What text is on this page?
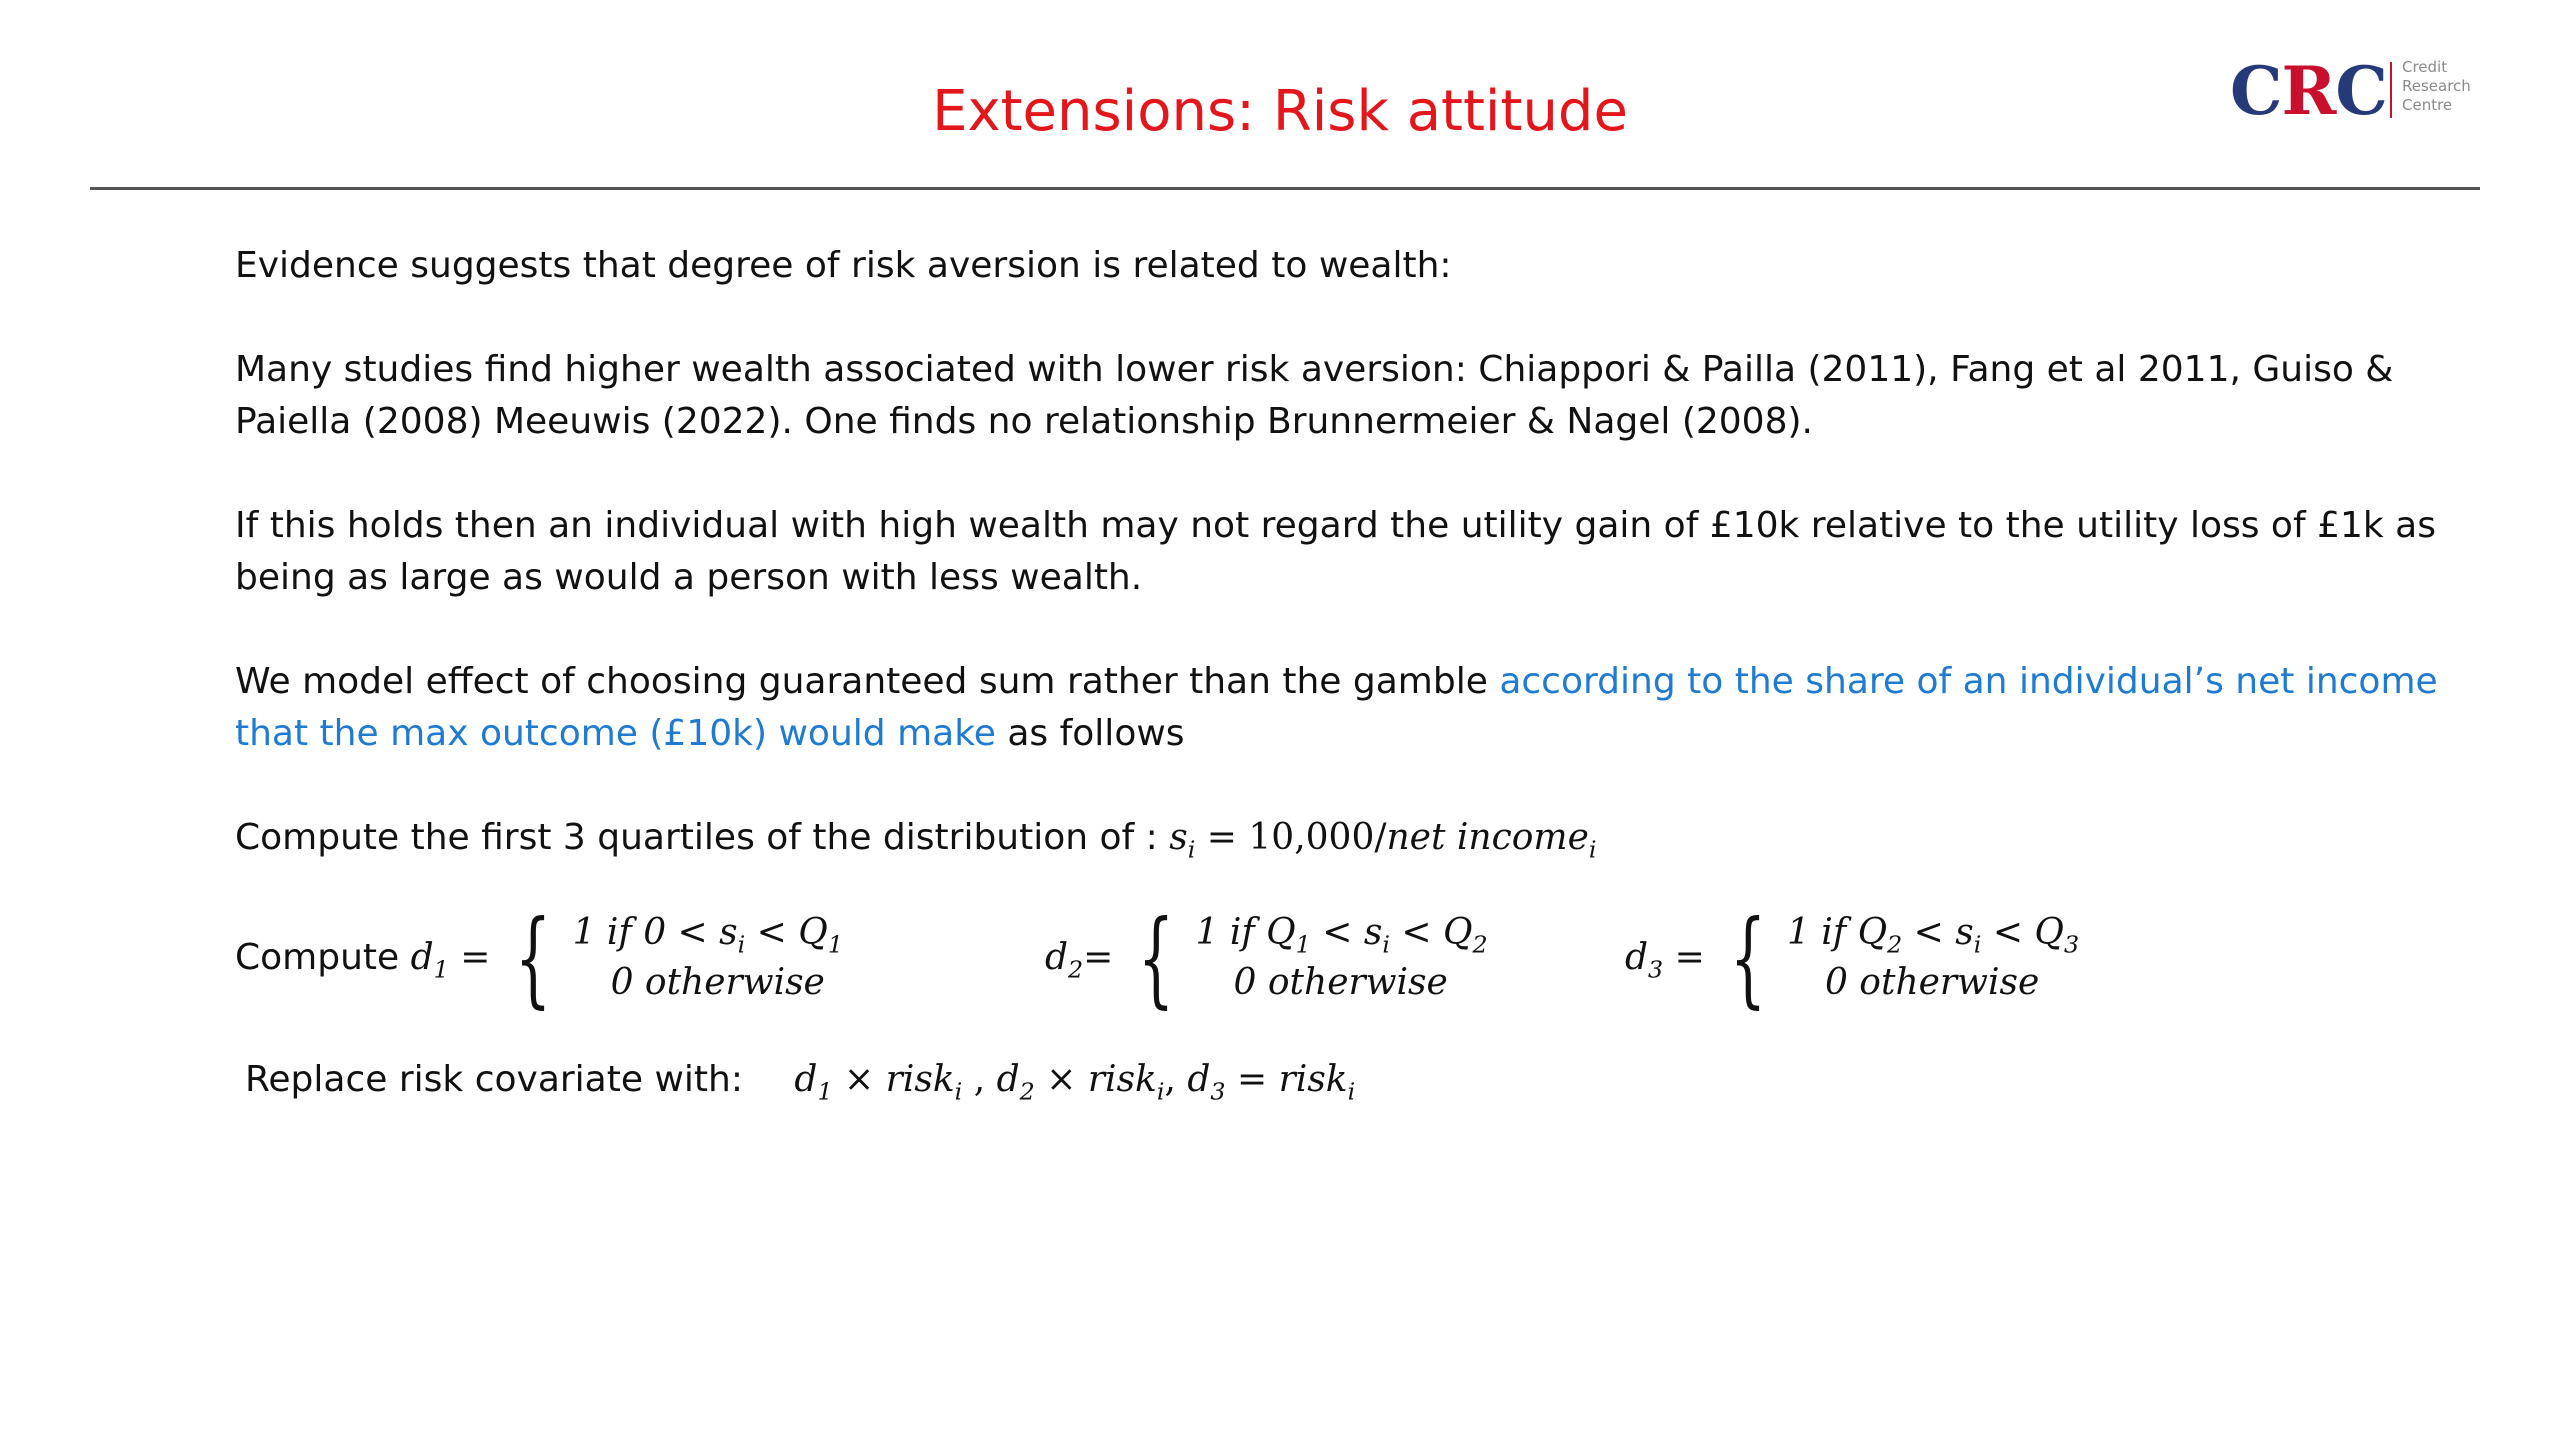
Extensions: Risk attitude	CRC Credit
Research
Centre

Evidence suggests that degree of risk aversion is related to wealth:

Many studies find higher wealth associated with lower risk aversion: Chiappori & Pailla (2011), Fang et al 2011, Guiso & Paiella (2008) Meeuwis (2022). One finds no relationship Brunnermeier & Nagel (2008).

If this holds then an individual with high wealth may not regard the utility gain of £10k relative to the utility loss of £1k as being as large as would a person with less wealth.

We model effect of choosing guaranteed sum rather than the gamble according to the share of an individual’s net income that the max outcome (£10k) would make as follows

Compute the first 3 quartiles of the distribution of : $s_i = 10,000/net$ income$_i$

Compute $d_1$ = { 1 if $0 < s_i < Q_1$
0 otherwise
$d_2=$ { 1 if $Q_1 < s_i < Q_2$
0 otherwise
$d_3$ = { 1 if $Q_2 < s_i < Q_3$
0 otherwise
Replace risk covariate with: $d_1$ × risk$_i$ , $d_2$ × risk$_i$, $d_3$ = risk$_i$
